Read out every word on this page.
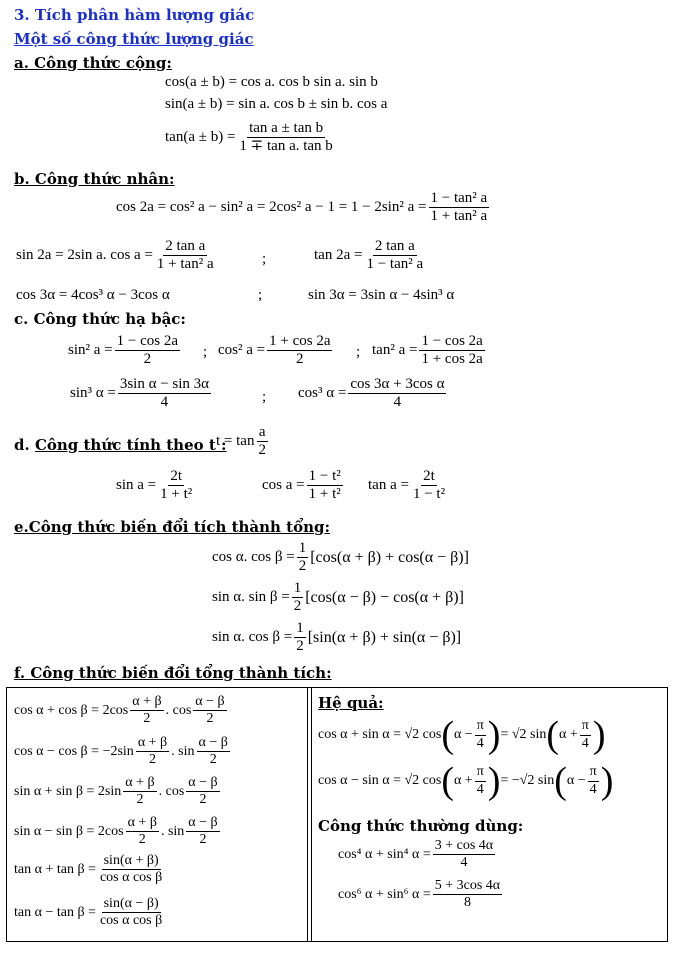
3. Tích phân hàm lượng giác
Một số công thức lượng giác
a. Công thức cộng:
cos(a ± b) = cos a. cos b sin a. sin b
sin(a ± b) = sin a. cos b ± sin b. cos a
$\tan(a \pm b) = \frac{\text{tan a ± tan b}}{\text{1 ∓ tan a. tan b}}$
b. Công thức nhân:
cos 2a = cos² a − sin² a = 2cos² a − 1 = 1 − 2sin² $a = \frac{\text{1 − tan² a}}{\text{1 + tan² a}}$
sin 2a = 2sin a. $\cos a = \frac{\text{2 tan a}}{\text{1 + tan² a}}$	;	$\tan 2a = \frac{\text{2 tan a}}{\text{1 − tan² a}}$
cos 3α = 4cos³ α − 3cos α	;	sin 3α = 3sin α − 4sin³ α
c. Công thức hạ bậc:
sin² $a = \frac{1 - \cos 2a}{2}$ ; cos² $a = \frac{1 + \cos 2a}{2}$ ; tan² $a = \frac{1 - \cos 2a}{1 + \cos 2a}$
sin³ $\alpha = \frac{\text{3sin α − sin 3α}}{4}$	; cos³ $\alpha = \frac{\text{cos 3α + 3cos α}}{4}$
d. Công thức tính theo t :
$t = \tan \frac{a}{2}$
$\sin a = \frac{2t}{\text{1 + t²}}$	$\cos a = \frac{\text{1 − t²}}{\text{1 + t²}}$ $\tan a = \frac{2t}{\text{1 − t²}}$
e.Công thức biến đổi tích thành tổng:
cos α. $\cos \beta = \frac{1}{2} [\cos(\alpha + \beta) + \cos(\alpha - \beta)]$
sin α. $\sin \beta = \frac{1}{2} [\cos(\alpha - \beta) - \cos(\alpha + \beta)]$
sin α. $\cos \beta = \frac{1}{2} [\sin(\alpha + \beta) + \sin(\alpha - \beta)]$
f. Công thức biến đổi tổng thành tích:
cos α + cos β = 2cos
α + β
2
. cos
α − β
2
cos α − cos β = −2sin
α + β
2
. sin
α − β
2
sin α + sin β = 2sin
α + β
2
. cos
α − β
2
sin α − sin β = 2cos
α + β
2
. sin
α − β
2
$\tan \alpha + \tan \beta = \frac{\sin(\alpha + \beta)}{\text{cos α cos β}}$
$\tan \alpha - \tan \beta = \frac{\sin(\alpha - \beta)}{\text{cos α cos β}}$
Hệ quả:
cos α + sin α = √2 cos ( $\alpha - \frac{\pi}{4}$ ) = √2 sin ( $\alpha + \frac{\pi}{4}$ )
cos α − sin α = √2 cos ( $\alpha + \frac{\pi}{4}$ ) = −√2 sin ( $\alpha - \frac{\pi}{4}$ )
Công thức thường dùng:
cos⁴ α + sin⁴ $\alpha = \frac{3 + \cos 4\alpha}{4}$
cos⁶ α + sin⁶ $\alpha = \frac{5 + 3\cos 4\alpha}{8}$
